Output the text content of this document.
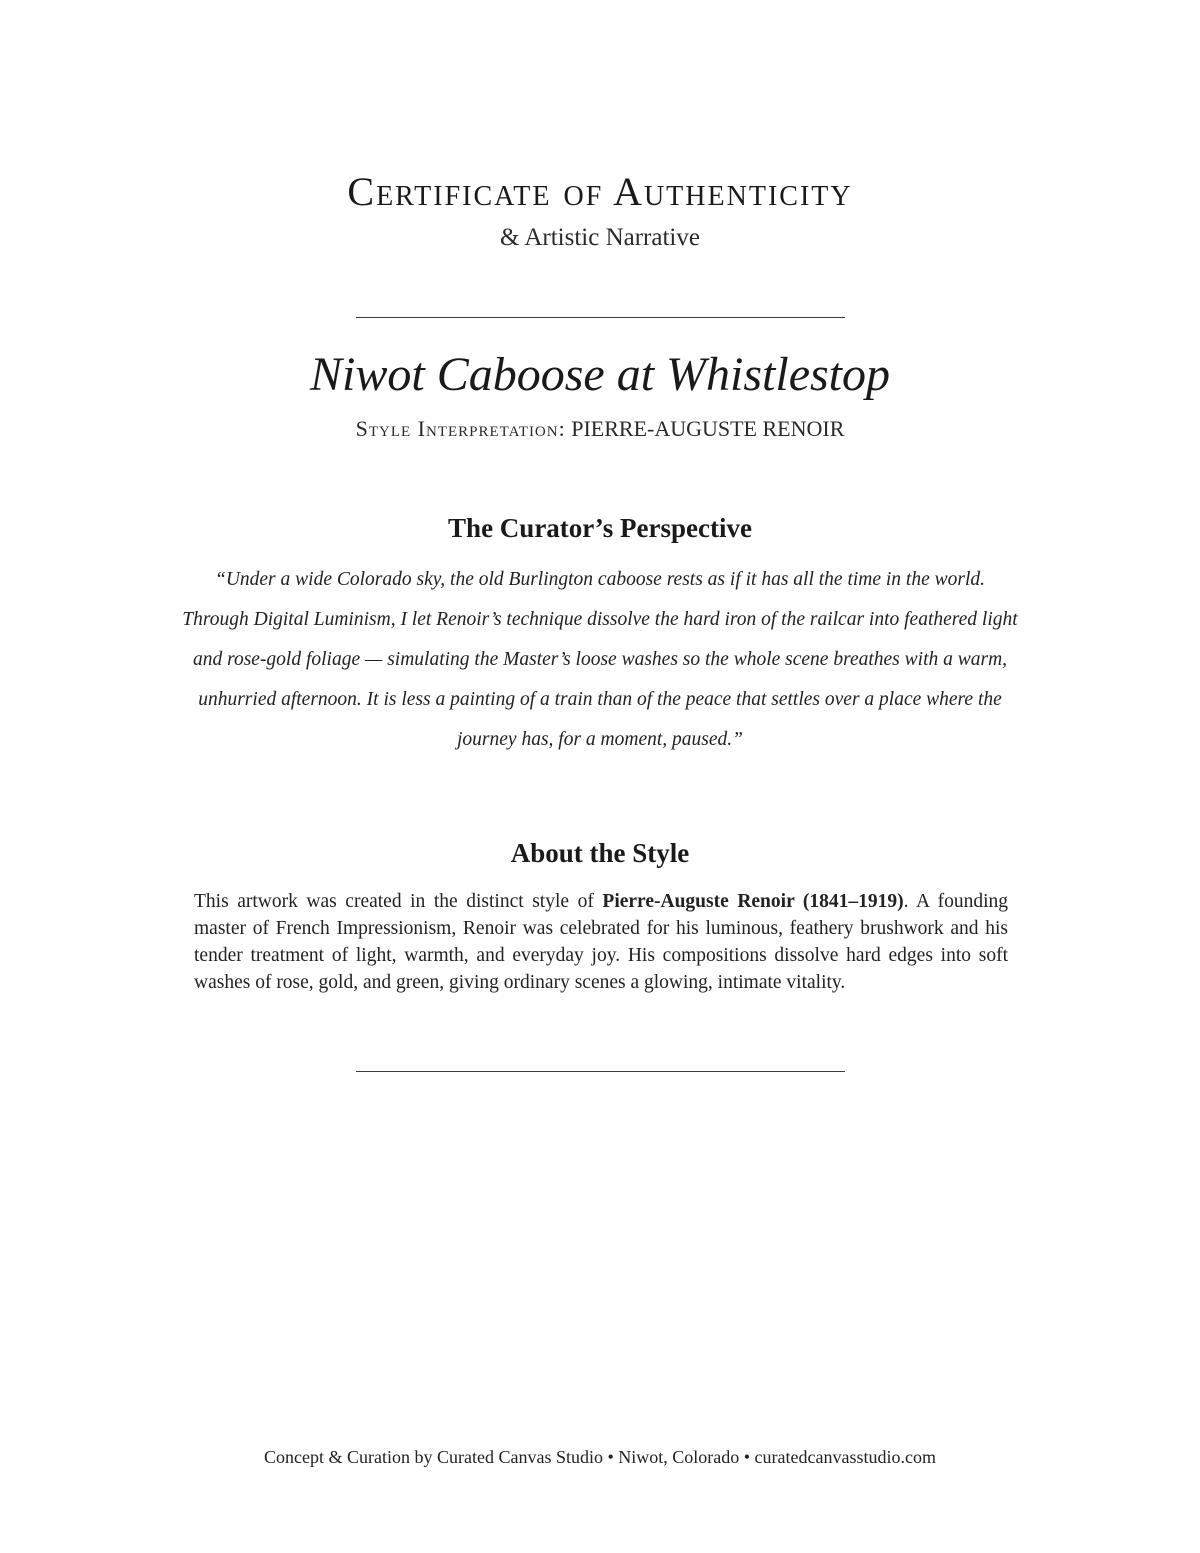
Certificate of Authenticity
& Artistic Narrative
Niwot Caboose at Whistlestop
Style Interpretation: PIERRE-AUGUSTE RENOIR
The Curator’s Perspective
“Under a wide Colorado sky, the old Burlington caboose rests as if it has all the time in the world. Through Digital Luminism, I let Renoir’s technique dissolve the hard iron of the railcar into feathered light and rose-gold foliage — simulating the Master’s loose washes so the whole scene breathes with a warm, unhurried afternoon. It is less a painting of a train than of the peace that settles over a place where the journey has, for a moment, paused.”
About the Style
This artwork was created in the distinct style of Pierre-Auguste Renoir (1841–1919). A founding master of French Impressionism, Renoir was celebrated for his luminous, feathery brushwork and his tender treatment of light, warmth, and everyday joy. His compositions dissolve hard edges into soft washes of rose, gold, and green, giving ordinary scenes a glowing, intimate vitality.
Concept & Curation by Curated Canvas Studio • Niwot, Colorado • curatedcanvasstudio.com
